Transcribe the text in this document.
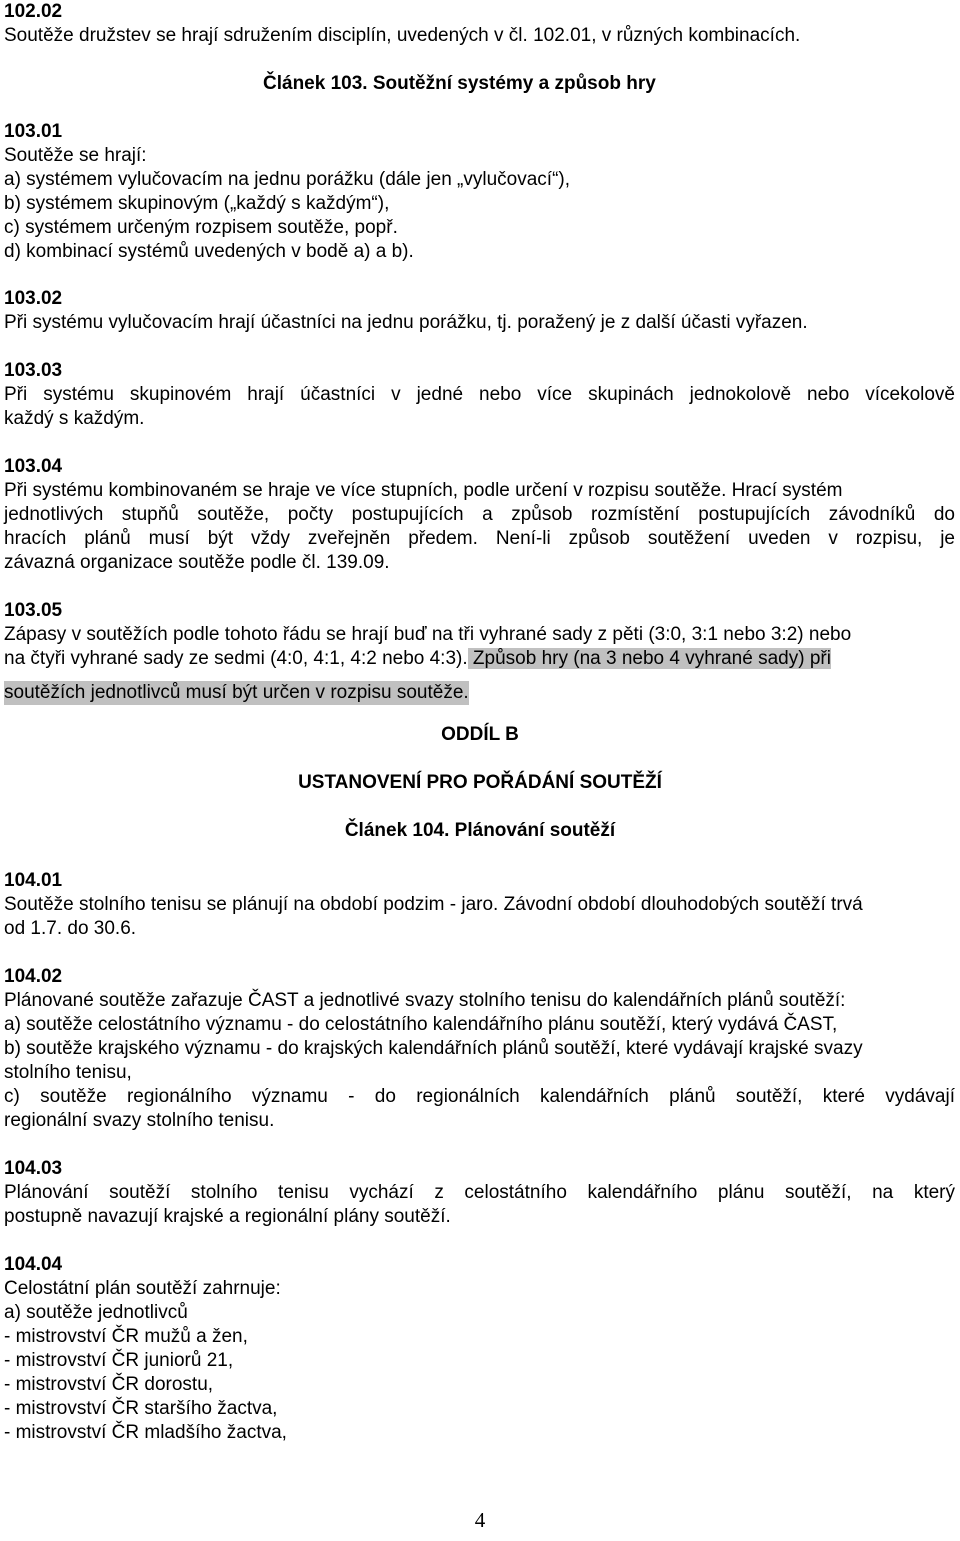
102.02

Soutěže družstev se hrají sdružením disciplín, uvedených v čl. 102.01, v různých kombinacích.

Článek 103. Soutěžní systémy a způsob hry

103.01

Soutěže se hrají:

a) systémem vylučovacím na jednu porážku (dále jen „vylučovací“),

b) systémem skupinovým („každý s každým“),

c) systémem určeným rozpisem soutěže, popř.

d) kombinací systémů uvedených v bodě a) a b).

103.02

Při systému vylučovacím hrají účastníci na jednu porážku, tj. poražený je z další účasti vyřazen.

103.03

Při systému skupinovém hrají účastníci v jedné nebo více skupinách jednokolově nebo vícekolově

každý s každým.

103.04

Při systému kombinovaném se hraje ve více stupních, podle určení v rozpisu soutěže. Hrací systém

jednotlivých stupňů soutěže, počty postupujících a způsob rozmístění postupujících závodníků do

hracích plánů musí být vždy zveřejněn předem. Není-li způsob soutěžení uveden v rozpisu, je

závazná organizace soutěže podle čl. 139.09.

103.05

Zápasy v soutěžích podle tohoto řádu se hrají buď na tři vyhrané sady z pěti (3:0, 3:1 nebo 3:2) nebo

na čtyři vyhrané sady ze sedmi (4:0, 4:1, 4:2 nebo 4:3). Způsob hry (na 3 nebo 4 vyhrané sady) při

soutěžích jednotlivců musí být určen v rozpisu soutěže.

ODDÍL B

USTANOVENÍ PRO POŘÁDÁNÍ SOUTĚŽÍ

Článek 104. Plánování soutěží

104.01

Soutěže stolního tenisu se plánují na období podzim - jaro. Závodní období dlouhodobých soutěží trvá

od 1.7. do 30.6.

104.02

Plánované soutěže zařazuje ČAST a jednotlivé svazy stolního tenisu do kalendářních plánů soutěží:

a) soutěže celostátního významu - do celostátního kalendářního plánu soutěží, který vydává ČAST,

b) soutěže krajského významu - do krajských kalendářních plánů soutěží, které vydávají krajské svazy

stolního tenisu,

c) soutěže regionálního významu - do regionálních kalendářních plánů soutěží, které vydávají

regionální svazy stolního tenisu.

104.03

Plánování soutěží stolního tenisu vychází z celostátního kalendářního plánu soutěží, na který

postupně navazují krajské a regionální plány soutěží.

104.04

Celostátní plán soutěží zahrnuje:

a) soutěže jednotlivců

- mistrovství ČR mužů a žen,

- mistrovství ČR juniorů 21,

- mistrovství ČR dorostu,

- mistrovství ČR staršího žactva,

- mistrovství ČR mladšího žactva,

4
